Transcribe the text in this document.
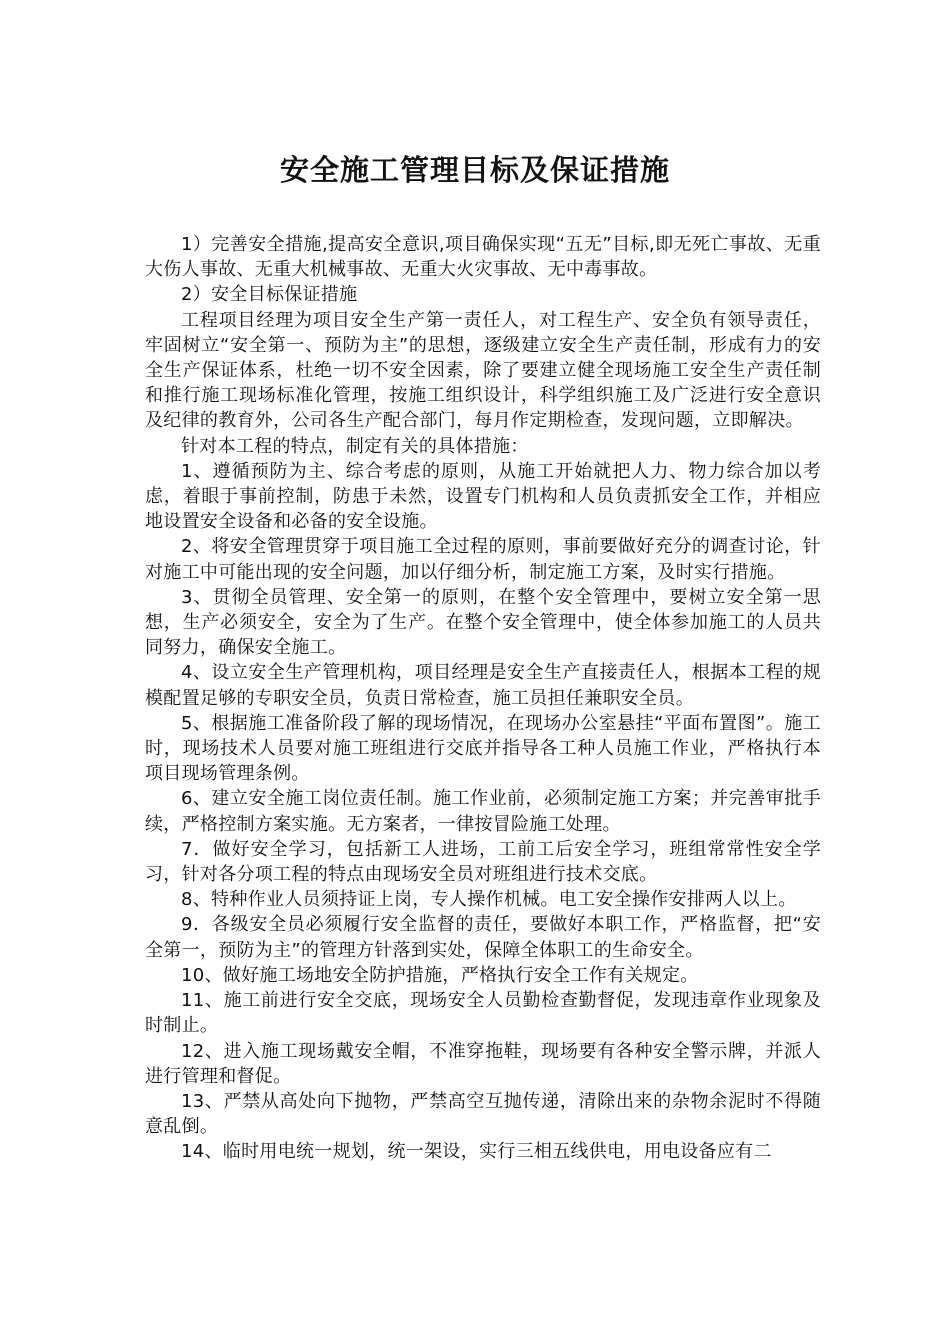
安全施工管理目标及保证措施

1）完善安全措施,提高安全意识,项目确保实现“五无”目标,即无死亡事故、无重大伤人事故、无重大机械事故、无重大火灾事故、无中毒事故。

2）安全目标保证措施

工程项目经理为项目安全生产第一责任人，对工程生产、安全负有领导责任，牢固树立“安全第一、预防为主”的思想，逐级建立安全生产责任制，形成有力的安全生产保证体系，杜绝一切不安全因素，除了要建立健全现场施工安全生产责任制和推行施工现场标准化管理，按施工组织设计，科学组织施工及广泛进行安全意识及纪律的教育外，公司各生产配合部门，每月作定期检查，发现问题，立即解决。

针对本工程的特点，制定有关的具体措施：

1、遵循预防为主、综合考虑的原则，从施工开始就把人力、物力综合加以考虑，着眼于事前控制，防患于未然，设置专门机构和人员负责抓安全工作，并相应地设置安全设备和必备的安全设施。

2、将安全管理贯穿于项目施工全过程的原则，事前要做好充分的调查讨论，针对施工中可能出现的安全问题，加以仔细分析，制定施工方案，及时实行措施。

3、贯彻全员管理、安全第一的原则，在整个安全管理中，要树立安全第一思想，生产必须安全，安全为了生产。在整个安全管理中，使全体参加施工的人员共同努力，确保安全施工。

4、设立安全生产管理机构，项目经理是安全生产直接责任人，根据本工程的规模配置足够的专职安全员，负责日常检查，施工员担任兼职安全员。

5、根据施工准备阶段了解的现场情况，在现场办公室悬挂“平面布置图”。施工时，现场技术人员要对施工班组进行交底并指导各工种人员施工作业，严格执行本项目现场管理条例。

6、建立安全施工岗位责任制。施工作业前，必须制定施工方案；并完善审批手续，严格控制方案实施。无方案者，一律按冒险施工处理。

7．做好安全学习，包括新工人进场，工前工后安全学习，班组常常性安全学习，针对各分项工程的特点由现场安全员对班组进行技术交底。

8、特种作业人员须持证上岗，专人操作机械。电工安全操作安排两人以上。

9．各级安全员必须履行安全监督的责任，要做好本职工作，严格监督，把“安全第一，预防为主”的管理方针落到实处，保障全体职工的生命安全。

10、做好施工场地安全防护措施，严格执行安全工作有关规定。

11、施工前进行安全交底，现场安全人员勤检查勤督促，发现违章作业现象及时制止。

12、进入施工现场戴安全帽，不准穿拖鞋，现场要有各种安全警示牌，并派人进行管理和督促。

13、严禁从高处向下抛物，严禁高空互抛传递，清除出来的杂物余泥时不得随意乱倒。

14、临时用电统一规划，统一架设，实行三相五线供电，用电设备应有二
